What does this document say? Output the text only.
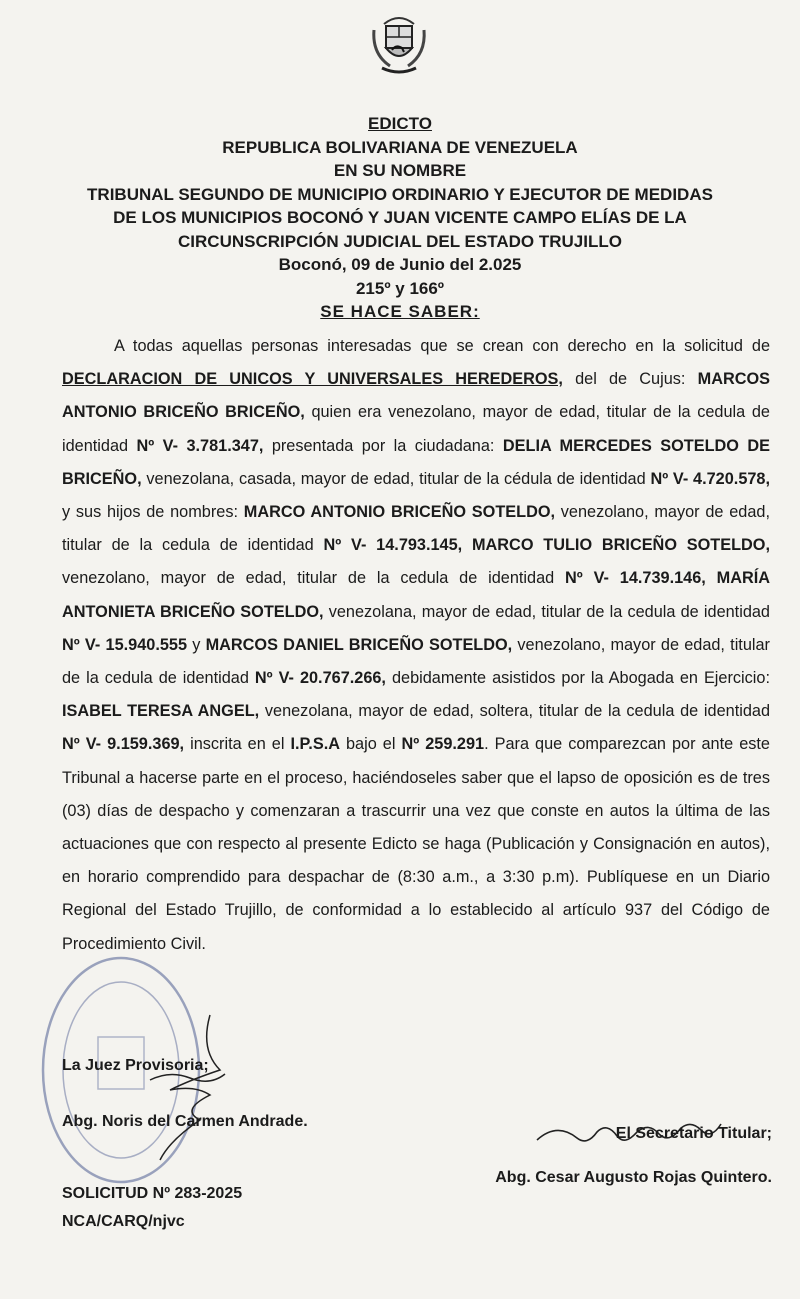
EDICTO
REPUBLICA BOLIVARIANA DE VENEZUELA
EN SU NOMBRE
TRIBUNAL SEGUNDO DE MUNICIPIO ORDINARIO Y EJECUTOR DE MEDIDAS
DE LOS MUNICIPIOS BOCONÓ Y JUAN VICENTE CAMPO ELÍAS DE LA
CIRCUNSCRIPCIÓN JUDICIAL DEL ESTADO TRUJILLO
Boconó, 09 de Junio del 2.025
215º y 166º
SE HACE SABER:

A todas aquellas personas interesadas que se crean con derecho en la solicitud de DECLARACION DE UNICOS Y UNIVERSALES HEREDEROS, del de Cujus: MARCOS ANTONIO BRICEÑO BRICEÑO, quien era venezolano, mayor de edad, titular de la cedula de identidad Nº V- 3.781.347, presentada por la ciudadana: DELIA MERCEDES SOTELDO DE BRICEÑO, venezolana, casada, mayor de edad, titular de la cédula de identidad Nº V- 4.720.578, y sus hijos de nombres: MARCO ANTONIO BRICEÑO SOTELDO, venezolano, mayor de edad, titular de la cedula de identidad Nº V- 14.793.145, MARCO TULIO BRICEÑO SOTELDO, venezolano, mayor de edad, titular de la cedula de identidad Nº V- 14.739.146, MARÍA ANTONIETA BRICEÑO SOTELDO, venezolana, mayor de edad, titular de la cedula de identidad Nº V- 15.940.555 y MARCOS DANIEL BRICEÑO SOTELDO, venezolano, mayor de edad, titular de la cedula de identidad Nº V- 20.767.266, debidamente asistidos por la Abogada en Ejercicio: ISABEL TERESA ANGEL, venezolana, mayor de edad, soltera, titular de la cedula de identidad Nº V- 9.159.369, inscrita en el I.P.S.A bajo el Nº 259.291. Para que comparezcan por ante este Tribunal a hacerse parte en el proceso, haciéndoseles saber que el lapso de oposición es de tres (03) días de despacho y comenzaran a trascurrir una vez que conste en autos la última de las actuaciones que con respecto al presente Edicto se haga (Publicación y Consignación en autos), en horario comprendido para despachar de (8:30 a.m., a 3:30 p.m). Publíquese en un Diario Regional del Estado Trujillo, de conformidad a lo establecido al artículo 937 del Código de Procedimiento Civil.

La Juez Provisoria;
Abg. Noris del Carmen Andrade.
El Secretario Titular;
Abg. Cesar Augusto Rojas Quintero.
SOLICITUD Nº 283-2025
NCA/CARQ/njvc
